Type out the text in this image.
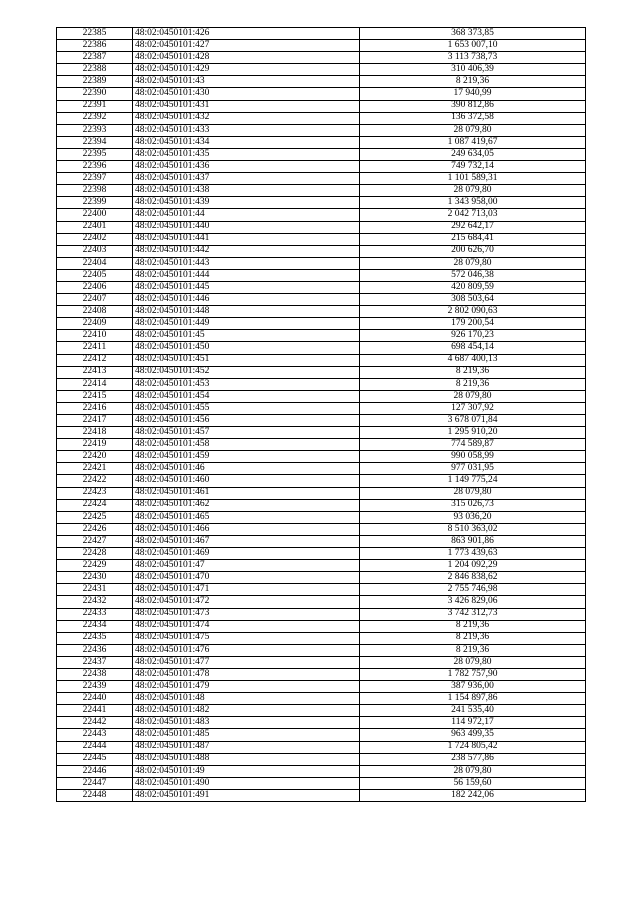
22385	48:02:0450101:426	368 373,85
22386	48:02:0450101:427	1 653 007,10
22387	48:02:0450101:428	3 113 738,73
22388	48:02:0450101:429	310 406,39
22389	48:02:0450101:43	8 219,36
22390	48:02:0450101:430	17 940,99
22391	48:02:0450101:431	390 812,86
22392	48:02:0450101:432	136 372,58
22393	48:02:0450101:433	28 079,80
22394	48:02:0450101:434	1 087 419,67
22395	48:02:0450101:435	249 634,05
22396	48:02:0450101:436	749 732,14
22397	48:02:0450101:437	1 101 589,31
22398	48:02:0450101:438	28 079,80
22399	48:02:0450101:439	1 343 958,00
22400	48:02:0450101:44	2 042 713,03
22401	48:02:0450101:440	292 642,17
22402	48:02:0450101:441	215 684,41
22403	48:02:0450101:442	200 626,70
22404	48:02:0450101:443	28 079,80
22405	48:02:0450101:444	572 046,38
22406	48:02:0450101:445	420 809,59
22407	48:02:0450101:446	308 503,64
22408	48:02:0450101:448	2 802 090,63
22409	48:02:0450101:449	179 200,54
22410	48:02:0450101:45	926 170,23
22411	48:02:0450101:450	698 454,14
22412	48:02:0450101:451	4 687 400,13
22413	48:02:0450101:452	8 219,36
22414	48:02:0450101:453	8 219,36
22415	48:02:0450101:454	28 079,80
22416	48:02:0450101:455	127 307,92
22417	48:02:0450101:456	3 678 071,84
22418	48:02:0450101:457	1 295 910,20
22419	48:02:0450101:458	774 589,87
22420	48:02:0450101:459	990 058,99
22421	48:02:0450101:46	977 031,95
22422	48:02:0450101:460	1 149 775,24
22423	48:02:0450101:461	28 079,80
22424	48:02:0450101:462	315 026,73
22425	48:02:0450101:465	93 036,20
22426	48:02:0450101:466	8 510 363,02
22427	48:02:0450101:467	863 901,86
22428	48:02:0450101:469	1 773 439,63
22429	48:02:0450101:47	1 204 092,29
22430	48:02:0450101:470	2 846 838,62
22431	48:02:0450101:471	2 755 746,98
22432	48:02:0450101:472	3 426 829,06
22433	48:02:0450101:473	3 742 312,73
22434	48:02:0450101:474	8 219,36
22435	48:02:0450101:475	8 219,36
22436	48:02:0450101:476	8 219,36
22437	48:02:0450101:477	28 079,80
22438	48:02:0450101:478	1 782 757,90
22439	48:02:0450101:479	387 936,00
22440	48:02:0450101:48	1 154 897,86
22441	48:02:0450101:482	241 535,40
22442	48:02:0450101:483	114 972,17
22443	48:02:0450101:485	963 499,35
22444	48:02:0450101:487	1 724 805,42
22445	48:02:0450101:488	238 577,86
22446	48:02:0450101:49	28 079,80
22447	48:02:0450101:490	56 159,60
22448	48:02:0450101:491	182 242,06
